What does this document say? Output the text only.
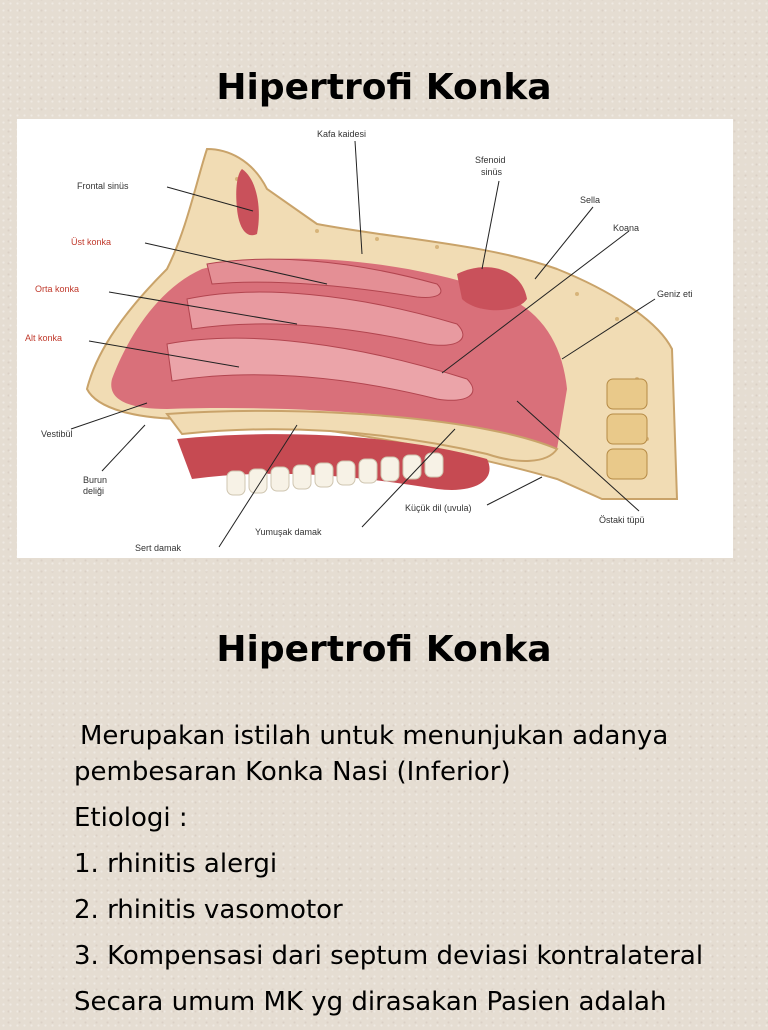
Hipertrofi Konka
Kafa kaidesi
Frontal sinüs
Üst konka
Orta konka
Alt konka
Vestibül
Burun
deliği
Sert damak
Yumuşak damak
Küçük dil (uvula)
Östaki tüpü
Geniz eti
Koana
Sella
Sfenoid
sinüs
Hipertrofi Konka

Merupakan istilah untuk menunjukan adanya pembesaran Konka Nasi (Inferior)

Etiologi :

1. rhinitis alergi

2. rhinitis vasomotor

3. Kompensasi dari septum deviasi kontralateral

Secara umum MK yg dirasakan Pasien adalah
